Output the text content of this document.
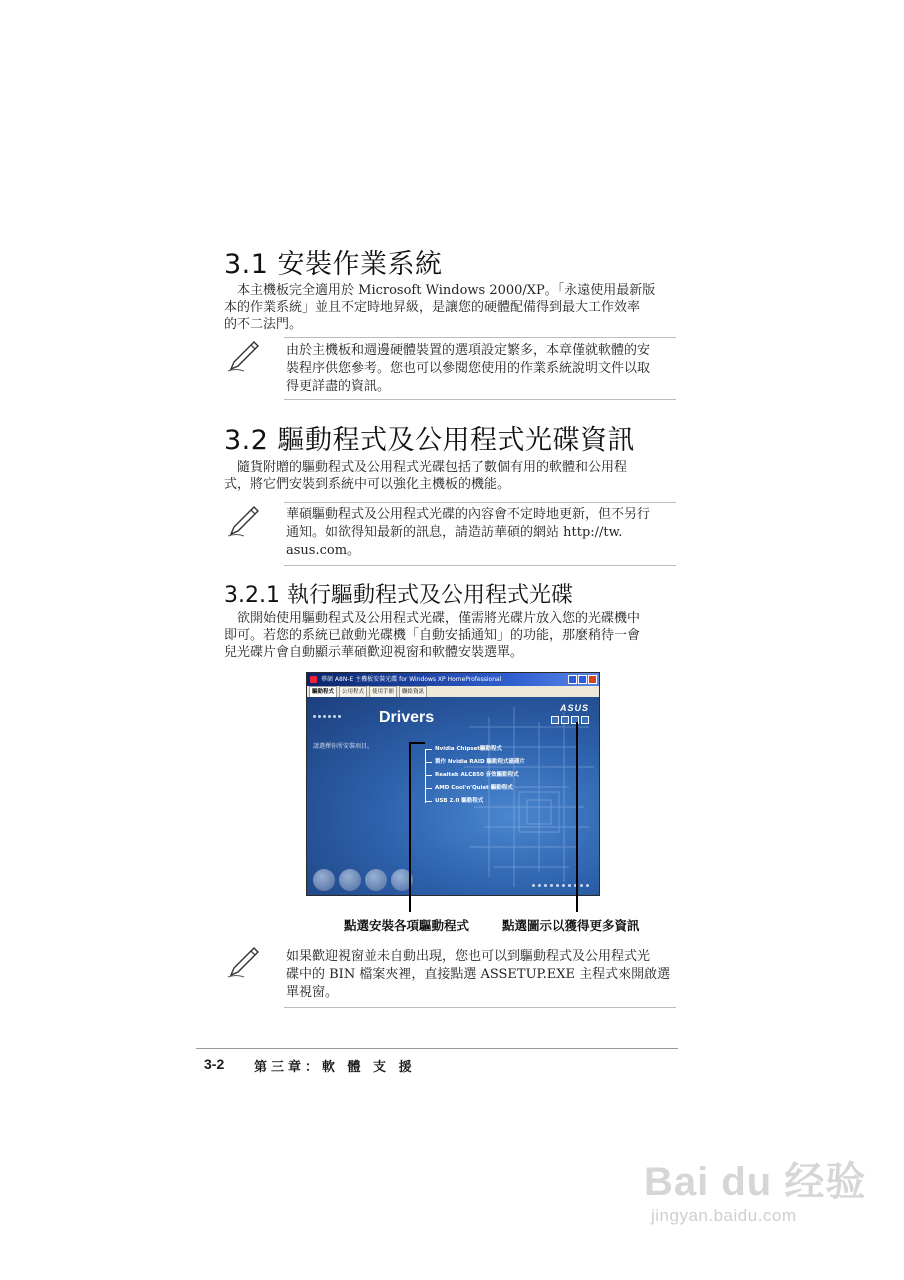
3.1 安裝作業系統

本主機板完全適用於 Microsoft Windows 2000/XP。「永遠使用最新版

本的作業系統」並且不定時地昇級，是讓您的硬體配備得到最大工作效率

的不二法門。

由於主機板和週邊硬體裝置的選項設定繁多，本章僅就軟體的安

裝程序供您參考。您也可以參閱您使用的作業系統說明文件以取

得更詳盡的資訊。

3.2 驅動程式及公用程式光碟資訊

隨貨附贈的驅動程式及公用程式光碟包括了數個有用的軟體和公用程

式，將它們安裝到系統中可以強化主機板的機能。

華碩驅動程式及公用程式光碟的內容會不定時地更新，但不另行

通知。如欲得知最新的訊息，請造訪華碩的網站 http://tw.

asus.com。

3.2.1 執行驅動程式及公用程式光碟

欲開始使用驅動程式及公用程式光碟，僅需將光碟片放入您的光碟機中

即可。若您的系統已啟動光碟機「自動安插通知」的功能，那麼稍待一會

兒光碟片會自動顯示華碩歡迎視窗和軟體安裝選單。

華碩 A8N-E 主機板安裝光碟 for Windows XP HomeProfessional
驅動程式	公用程式	使用手冊	聯絡資訊
Drivers
ASUS
請選擇你所安裝項目。	Nvidia Chipset驅動程式
製作 Nvidia RAID 驅動程式磁碟片
Realtek ALC850 音效驅動程式
AMD Cool'n'Quiet 驅動程式
USB 2.0 驅動程式
點選安裝各項驅動程式	點選圖示以獲得更多資訊

如果歡迎視窗並未自動出現，您也可以到驅動程式及公用程式光

碟中的 BIN 檔案夾裡，直接點選 ASSETUP.EXE 主程式來開啟選

單視窗。

3-2 第三章：軟 體 支 援
Bai du 经验
jingyan.baidu.com
